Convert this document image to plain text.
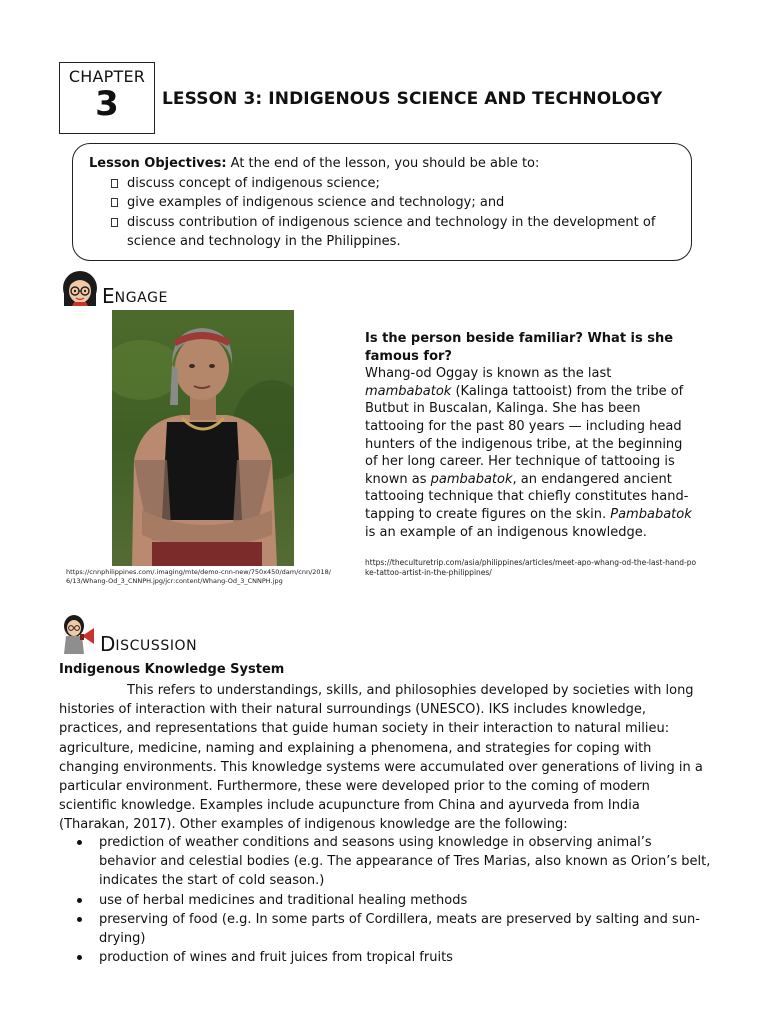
CHAPTER
3	LESSON 3: INDIGENOUS SCIENCE AND TECHNOLOGY
Lesson Objectives: At the end of the lesson, you should be able to:
discuss concept of indigenous science;
give examples of indigenous science and technology; and
discuss contribution of indigenous science and technology in the development of
science and technology in the Philippines.
E NGAGE
https://cnnphilippines.com/.imaging/mte/demo-cnn-new/750x450/dam/cnn/2018/6/13/Whang-Od_3_CNNPH.jpg/jcr:content/Whang-Od_3_CNNPH.jpg
Is the person beside familiar? What is she famous for?
Whang-od Oggay is known as the last mambabatok (Kalinga tattooist) from the tribe of Butbut in Buscalan, Kalinga. She has been tattooing for the past 80 years — including head hunters of the indigenous tribe, at the beginning of her long career. Her technique of tattooing is known as pambabatok, an endangered ancient tattooing technique that chiefly constitutes hand-tapping to create figures on the skin. Pambabatok is an example of an indigenous knowledge.
https://theculturetrip.com/asia/philippines/articles/meet-apo-whang-od-the-last-hand-poke-tattoo-artist-in-the-philippines/
D ISCUSSION
Indigenous Knowledge System
This refers to understandings, skills, and philosophies developed by societies with long histories of interaction with their natural surroundings (UNESCO). IKS includes knowledge, practices, and representations that guide human society in their interaction to natural milieu: agriculture, medicine, naming and explaining a phenomena, and strategies for coping with changing environments. This knowledge systems were accumulated over generations of living in a particular environment. Furthermore, these were developed prior to the coming of modern scientific knowledge. Examples include acupuncture from China and ayurveda from India (Tharakan, 2017). Other examples of indigenous knowledge are the following:
prediction of weather conditions and seasons using knowledge in observing animal’s behavior and celestial bodies (e.g. The appearance of Tres Marias, also known as Orion’s belt, indicates the start of cold season.)
use of herbal medicines and traditional healing methods
preserving of food (e.g. In some parts of Cordillera, meats are preserved by salting and sun-drying)
production of wines and fruit juices from tropical fruits
